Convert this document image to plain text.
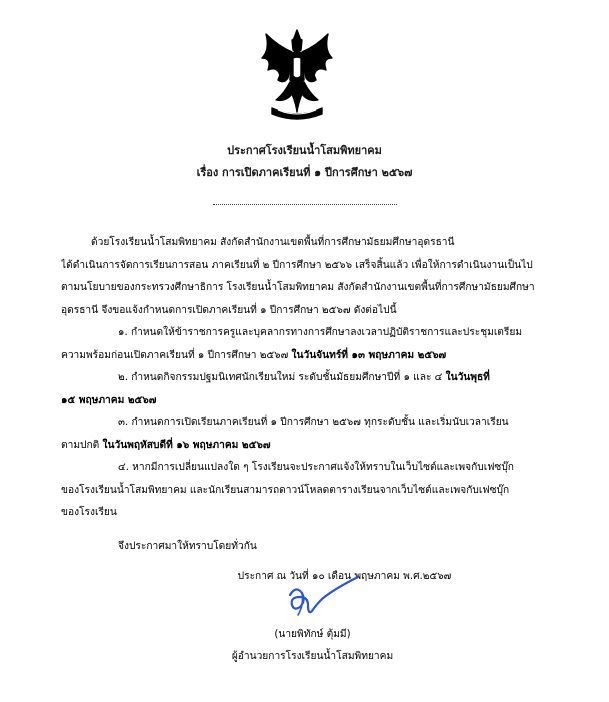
ประกาศโรงเรียนน้ำโสมพิทยาคม
เรื่อง การเปิดภาคเรียนที่ ๑ ปีการศึกษา ๒๕๖๗
ด้วยโรงเรียนน้ำโสมพิทยาคม สังกัดสำนักงานเขตพื้นที่การศึกษามัธยมศึกษาอุดรธานี
ได้ดำเนินการจัดการเรียนการสอน ภาคเรียนที่ ๒ ปีการศึกษา ๒๕๖๖ เสร็จสิ้นแล้ว เพื่อให้การดำเนินงานเป็นไป
ตามนโยบายของกระทรวงศึกษาธิการ โรงเรียนน้ำโสมพิทยาคม สังกัดสำนักงานเขตพื้นที่การศึกษามัธยมศึกษา
อุดรธานี จึงขอแจ้งกำหนดการเปิดภาคเรียนที่ ๑ ปีการศึกษา ๒๕๖๗ ดังต่อไปนี้
๑. กำหนดให้ข้าราชการครูและบุคลากรทางการศึกษาลงเวลาปฏิบัติราชการและประชุมเตรียม
ความพร้อมก่อนเปิดภาคเรียนที่ ๑ ปีการศึกษา ๒๕๖๗ ในวันจันทร์ที่ ๑๓ พฤษภาคม ๒๕๖๗
๒. กำหนดกิจกรรมปฐมนิเทศนักเรียนใหม่ ระดับชั้นมัธยมศึกษาปีที่ ๑ และ ๔ ในวันพุธที่
๑๕ พฤษภาคม ๒๕๖๗
๓. กำหนดการเปิดเรียนภาคเรียนที่ ๑ ปีการศึกษา ๒๕๖๗ ทุกระดับชั้น และเริ่มนับเวลาเรียน
ตามปกติ ในวันพฤหัสบดีที่ ๑๖ พฤษภาคม ๒๕๖๗
๔. หากมีการเปลี่ยนแปลงใด ๆ โรงเรียนจะประกาศแจ้งให้ทราบในเว็บไซต์และเพจกับเฟซบุ๊ก
ของโรงเรียนน้ำโสมพิทยาคม และนักเรียนสามารถดาวน์โหลดตารางเรียนจากเว็บไซต์และเพจกับเฟซบุ๊ก
ของโรงเรียน
จึงประกาศมาให้ทราบโดยทั่วกัน
ประกาศ ณ วันที่ ๑๐ เดือน พฤษภาคม พ.ศ.๒๕๖๗
(นายพิทักษ์ ตุ้มมี)
ผู้อำนวยการโรงเรียนน้ำโสมพิทยาคม
